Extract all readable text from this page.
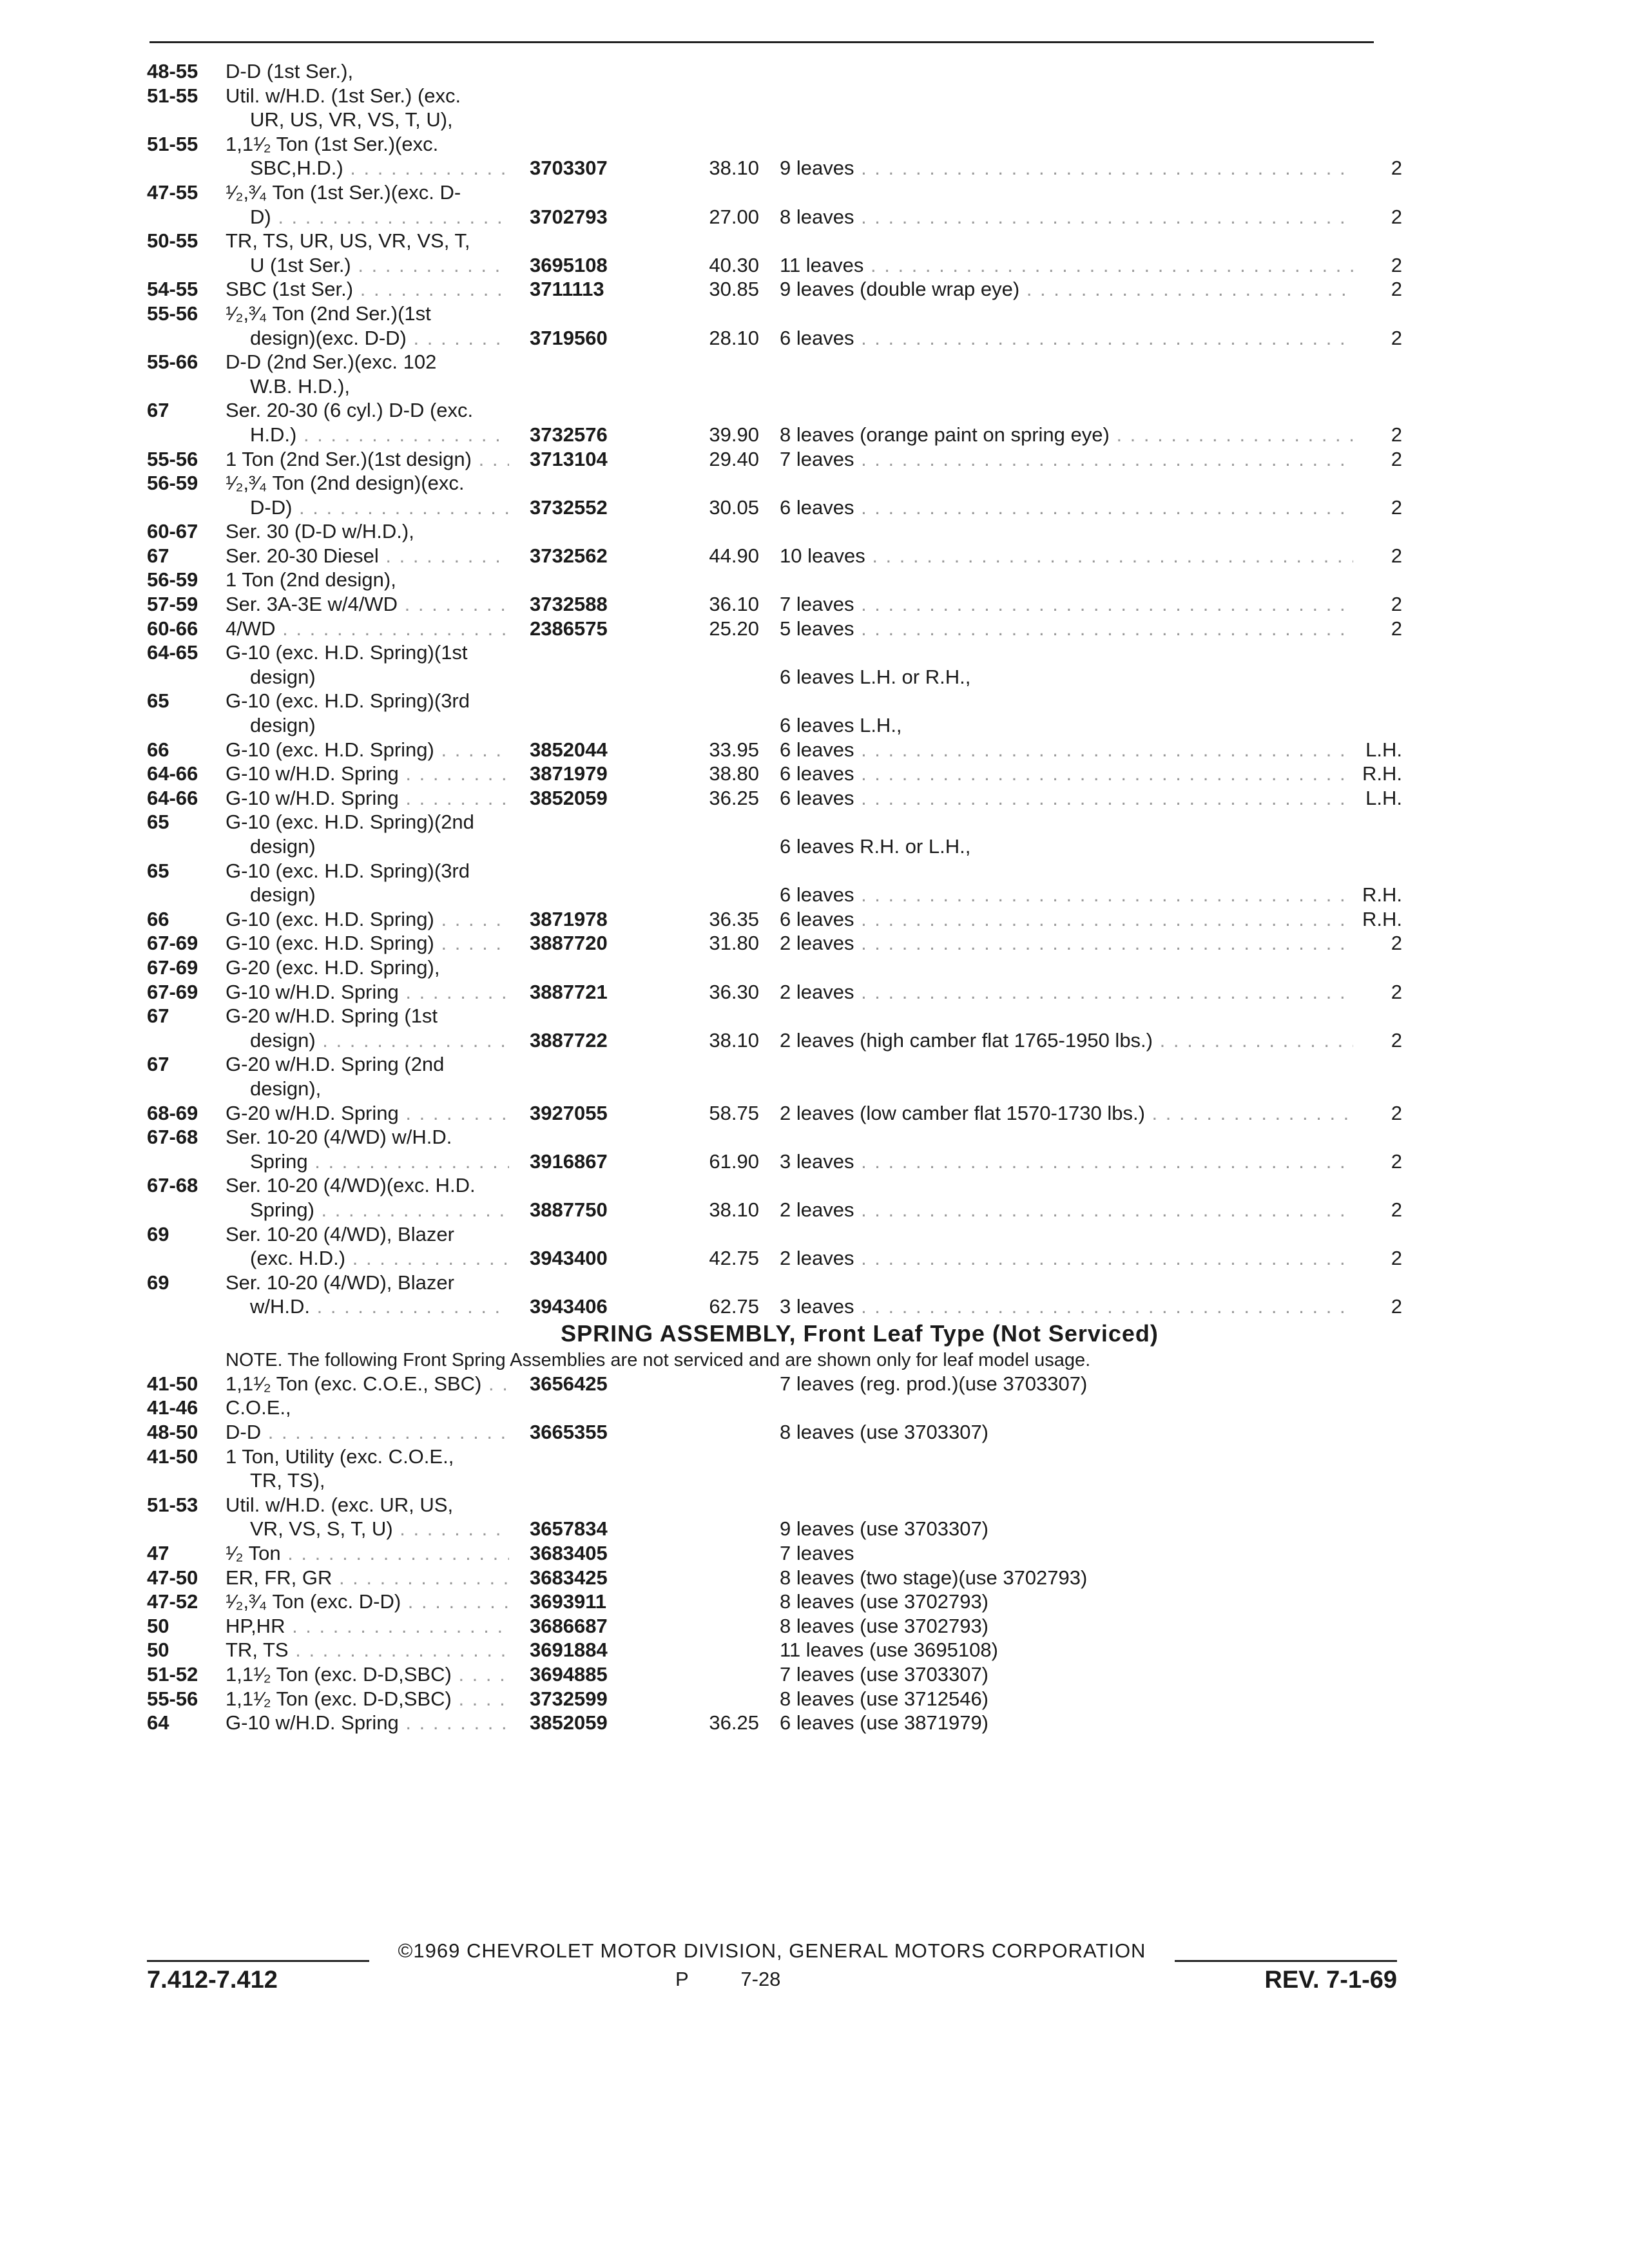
48-55 D-D (1st Ser.),
51-55 Util. w/H.D. (1st Ser.) (exc.
UR, US, VR, VS, T, U),
51-55 1,1¹⁄₂ Ton (1st Ser.)(exc.
SBC,H.D.) . . .	3703307	38.10 9 leaves . . .	2
47-55 ¹⁄₂,³⁄₄ Ton (1st Ser.)(exc. D-
D) . . .	3702793	27.00 8 leaves . . .	2
50-55 TR, TS, UR, US, VR, VS, T,
U (1st Ser.) . . .	3695108	40.30 11 leaves . . .	2
54-55 SBC (1st Ser.) . . .	3711113	30.85 9 leaves (double wrap eye) . . .	2
55-56 ¹⁄₂,³⁄₄ Ton (2nd Ser.)(1st
design)(exc. D-D) . . .	3719560	28.10 6 leaves . . .	2
55-66 D-D (2nd Ser.)(exc. 102
W.B. H.D.),
67	Ser. 20-30 (6 cyl.) D-D (exc.
H.D.) . . .	3732576	39.90 8 leaves (orange paint on spring eye) . . .	2
55-56 1 Ton (2nd Ser.)(1st design) . . .	3713104	29.40 7 leaves . . .	2
56-59 ¹⁄₂,³⁄₄ Ton (2nd design)(exc.
D-D) . . .	3732552	30.05 6 leaves . . .	2
60-67 Ser. 30 (D-D w/H.D.),
67	Ser. 20-30 Diesel . . .	3732562	44.90 10 leaves . . .	2
56-59 1 Ton (2nd design),
57-59 Ser. 3A-3E w/4/WD . . .	3732588	36.10 7 leaves . . .	2
60-66 4/WD . . .	2386575	25.20 5 leaves . . .	2
64-65 G-10 (exc. H.D. Spring)(1st
design)	6 leaves L.H. or R.H.,
65	G-10 (exc. H.D. Spring)(3rd
design)	6 leaves L.H.,
66	G-10 (exc. H.D. Spring) . . .	3852044	33.95 6 leaves . . .	L.H.
64-66 G-10 w/H.D. Spring . . .	3871979	38.80 6 leaves . . .	R.H.
64-66 G-10 w/H.D. Spring . . .	3852059	36.25 6 leaves . . .	L.H.
65	G-10 (exc. H.D. Spring)(2nd
design)	6 leaves R.H. or L.H.,
65	G-10 (exc. H.D. Spring)(3rd
design)	6 leaves . . .	R.H.
66	G-10 (exc. H.D. Spring) . . .	3871978	36.35 6 leaves . . .	R.H.
67-69 G-10 (exc. H.D. Spring) . . .	3887720	31.80 2 leaves . . .	2
67-69 G-20 (exc. H.D. Spring),
67-69 G-10 w/H.D. Spring . . .	3887721	36.30 2 leaves . . .	2
67	G-20 w/H.D. Spring (1st
design) . . .	3887722	38.10 2 leaves (high camber flat 1765-1950 lbs.) . . .	2
67	G-20 w/H.D. Spring (2nd
design),
68-69 G-20 w/H.D. Spring . . .	3927055	58.75 2 leaves (low camber flat 1570-1730 lbs.) . . .	2
67-68 Ser. 10-20 (4/WD) w/H.D.
Spring . . .	3916867	61.90 3 leaves . . .	2
67-68 Ser. 10-20 (4/WD)(exc. H.D.
Spring) . . .	3887750	38.10 2 leaves . . .	2
69	Ser. 10-20 (4/WD), Blazer
(exc. H.D.) . . .	3943400	42.75 2 leaves . . .	2
69	Ser. 10-20 (4/WD), Blazer
w/H.D. . . .	3943406	62.75 3 leaves . . .	2
SPRING ASSEMBLY, Front Leaf Type (Not Serviced)
NOTE. The following Front Spring Assemblies are not serviced and are shown only for leaf model usage.
41-50 1,1¹⁄₂ Ton (exc. C.O.E., SBC) . . .	3656425	7 leaves (reg. prod.)(use 3703307)
41-46 C.O.E.,
48-50 D-D . . .	3665355	8 leaves (use 3703307)
41-50 1 Ton, Utility (exc. C.O.E.,
TR, TS),
51-53 Util. w/H.D. (exc. UR, US,
VR, VS, S, T, U) . . .	3657834	9 leaves (use 3703307)
47	¹⁄₂ Ton . . .	3683405	7 leaves
47-50 ER, FR, GR . . .	3683425	8 leaves (two stage)(use 3702793)
47-52 ¹⁄₂,³⁄₄ Ton (exc. D-D) . . .	3693911	8 leaves (use 3702793)
50	HP,HR . . .	3686687	8 leaves (use 3702793)
50	TR, TS . . .	3691884	11 leaves (use 3695108)
51-52 1,1¹⁄₂ Ton (exc. D-D,SBC) . . .	3694885	7 leaves (use 3703307)
55-56 1,1¹⁄₂ Ton (exc. D-D,SBC) . . .	3732599	8 leaves (use 3712546)
64	G-10 w/H.D. Spring . . .	3852059	36.25 6 leaves (use 3871979)
©1969 CHEVROLET MOTOR DIVISION, GENERAL MOTORS CORPORATION
7.412-7.412	P	7-28	REV. 7-1-69
